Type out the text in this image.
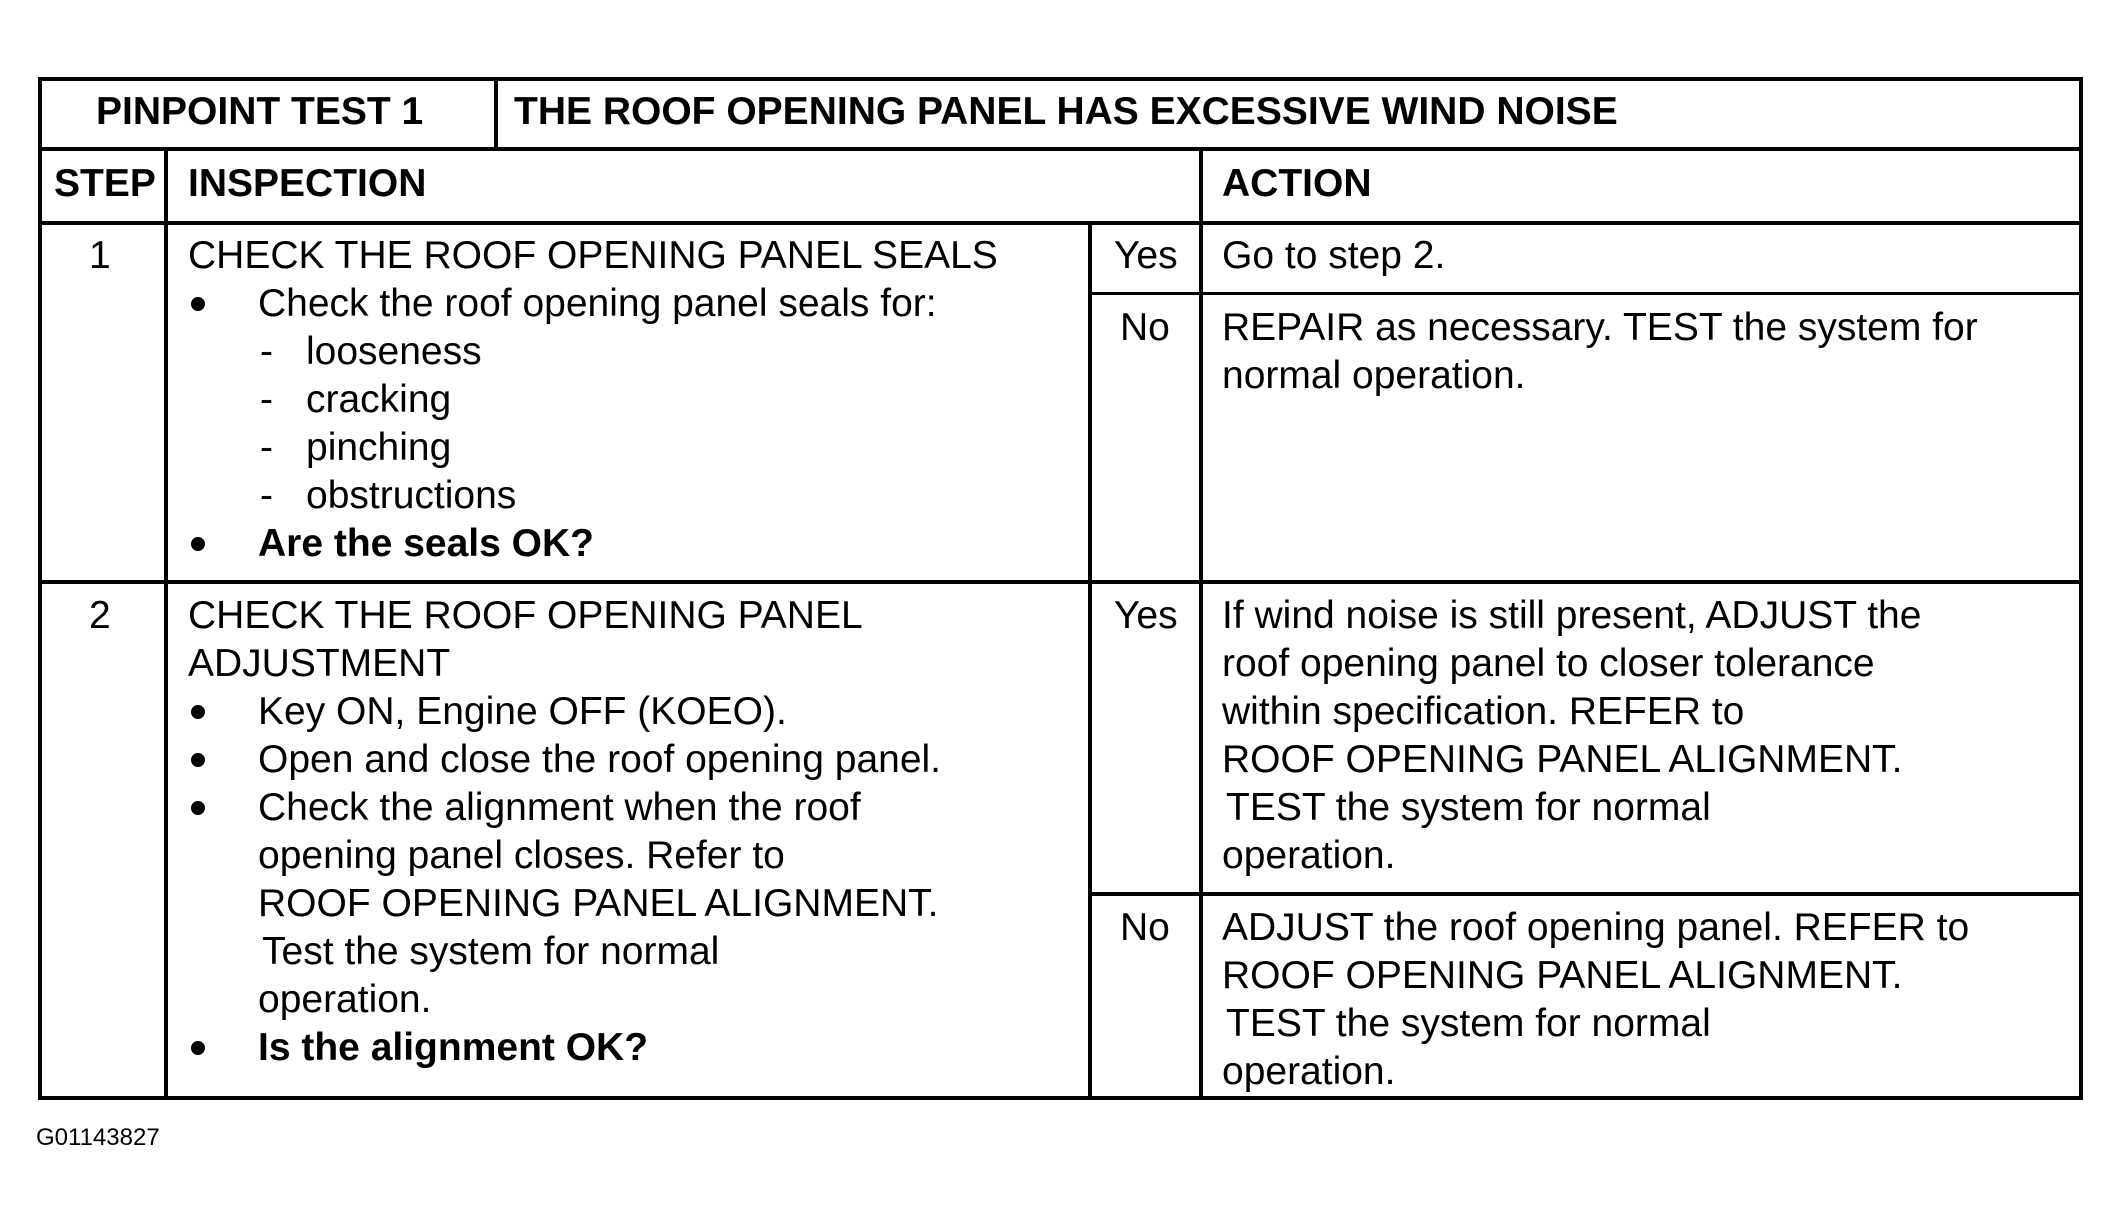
PINPOINT TEST 1 THE ROOF OPENING PANEL HAS EXCESSIVE WIND NOISE
STEP INSPECTION	ACTION
1 CHECK THE ROOF OPENING PANEL SEALS
Check the roof opening panel seals for:
- looseness
- cracking
- pinching
- obstructions
Are the seals OK?
Yes Go to step 2.
No REPAIR as necessary. TEST the system for
normal operation.
2 CHECK THE ROOF OPENING PANEL
ADJUSTMENT
Key ON, Engine OFF (KOEO).
Open and close the roof opening panel.
Check the alignment when the roof
opening panel closes. Refer to
ROOF OPENING PANEL ALIGNMENT.
Test the system for normal
operation.
Is the alignment OK?
Yes If wind noise is still present, ADJUST the
roof opening panel to closer tolerance
within specification. REFER to
ROOF OPENING PANEL ALIGNMENT.
TEST the system for normal
operation.
No ADJUST the roof opening panel. REFER to
ROOF OPENING PANEL ALIGNMENT.
TEST the system for normal
operation.
G01143827
